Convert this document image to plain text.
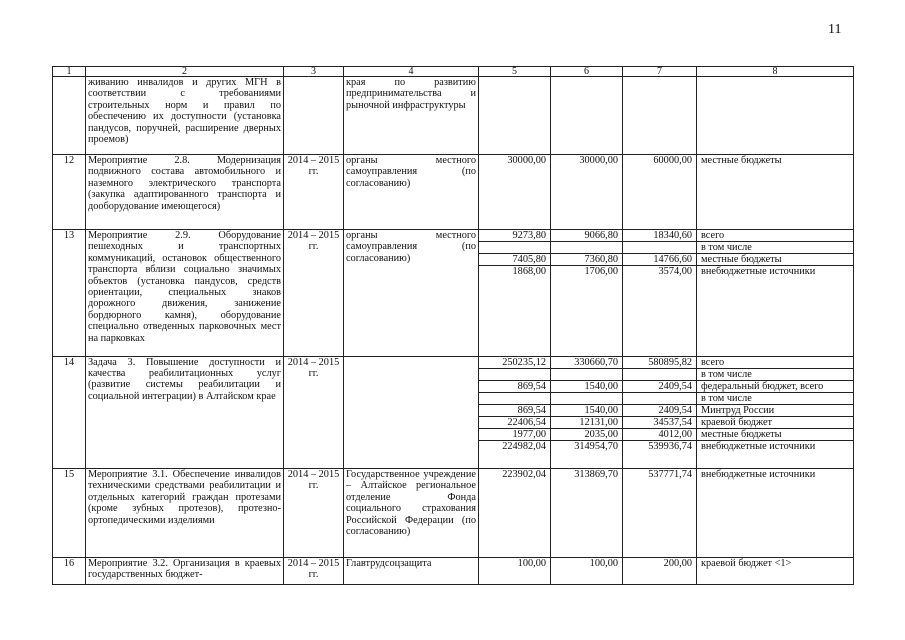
11
1	2	3	4	5	6	7	8
	живанию инвалидов и других МГН в соответствии с требованиями строительных норм и правил по обеспечению их доступности (установка пандусов, поручней, расширение дверных проемов)		края по развитию предпринимательства и рыночной инфраструктуры				
12	Мероприятие 2.8. Модернизация подвижного состава автомобильного и наземного электрического транспорта (закупка адаптированного транспорта и дооборудование имеющегося)	2014 – 2015 гг.	органы местного самоуправления (по согласованию)	30000,00	30000,00	60000,00	местные бюджеты
13	Мероприятие 2.9. Оборудование пешеходных и транспортных коммуникаций, остановок общественного транспорта вблизи социально значимых объектов (установка пандусов, средств ориентации, специальных знаков дорожного движения, занижение бордюрного камня), оборудование специально отведенных парковочных мест на парковках	2014 – 2015 гг.	органы местного самоуправления (по согласованию)	9273,80	9066,80	18340,60	всего
							в том числе
				7405,80	7360,80	14766,60	местные бюджеты
				1868,00	1706,00	3574,00	внебюджетные источники
14	Задача 3. Повышение доступности и качества реабилитационных услуг (развитие системы реабилитации и социальной интеграции) в Алтайском крае	2014 – 2015 гг.		250235,12	330660,70	580895,82	всего
							в том числе
				869,54	1540,00	2409,54	федеральный бюджет, всего
							в том числе
				869,54	1540,00	2409,54	Минтруд России
				22406,54	12131,00	34537,54	краевой бюджет
				1977,00	2035,00	4012,00	местные бюджеты
				224982,04	314954,70	539936,74	внебюджетные источники
15	Мероприятие 3.1. Обеспечение инвалидов техническими средствами реабилитации и отдельных категорий граждан протезами (кроме зубных протезов), протезно-ортопедическими изделиями	2014 – 2015 гг.	Государственное учреждение – Алтайское региональное отделение Фонда социального страхования Российской Федерации (по согласованию)	223902,04	313869,70	537771,74	внебюджетные источники
16	Мероприятие 3.2. Организация в краевых государственных бюджет-	2014 – 2015 гг.	Главтрудсоцзащита	100,00	100,00	200,00	краевой бюджет <1>
